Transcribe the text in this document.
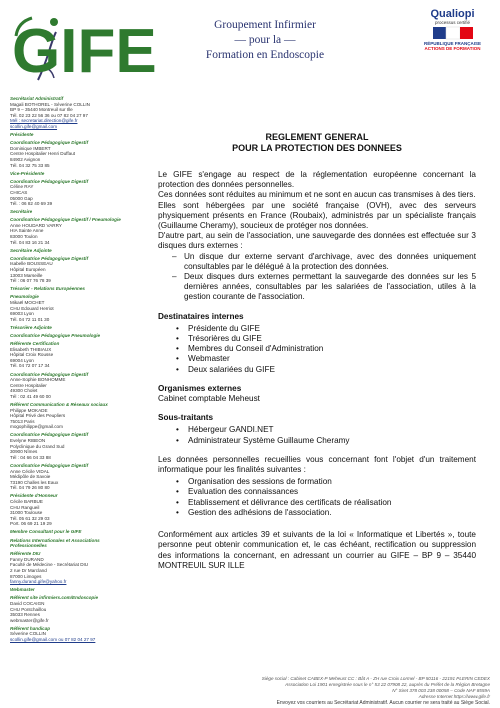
GIFE	Groupement Infirmier
— pour la —
Formation en Endoscopie
Qualiopi
processus certifié
RÉPUBLIQUE FRANÇAISE
ACTIONS DE FORMATION
Secrétariat Administratif
Magali BOTHOREL - Séverine COLLIN
BP 9 – 35440 Montreuil sur Ille
Tél. 02 23 22 56 36 ou 07 82 04 27 97
Mél : secretariat.direction@gife.fr
scollin.gife@gmail.com
Présidente
Coordinatrice Pédagogique Digestif
Dominique IMBERT
Centre Hospitalier Henri Duffaut
84902 Avignon
Tél. 04 32 75 33 85
Vice-Présidente
Coordinatrice Pédagogique Digestif
Céline RAY
CHICAS
05000 Gap
Tél. : 06 82 40 69 39
Secrétaire
Coordinatrice Pédagogique Digestif / Pneumologie
Anne HOUDARD VARRY
HIA Sainte Anne
83000 Toulon
Tél. 04 83 16 21 34
Secrétaire Adjointe
Coordinatrice Pédagogique Digestif
Isabelle BOUSSEAU
Hôpital Européen
13003 Marseille
Tél : 06 07 76 78 39
Trésorier - Relations Européennes
Pneumologie
Mikaël MOCHET
CHU Edouard Herriot
69003 Lyon
Tél. 04 72 11 01 30
Trésorière Adjointe
Coordinatrice Pédagogique Pneumologie
Référente Certification
Elisabeth THIBIAUX
Hôpital Croix Rousse
69004 Lyon
Tél. 04 72 07 17 34
Coordinatrice Pédagogique Digestif
Anne-Sophie BONHOMME
Centre Hospitalier
49300 Cholet
Tél : 02 41 49 60 00
Référent Communication & Réseaux sociaux
Philippe MOKADE
Hôpital Privé des Peupliers
75013 Paris
mogophilippe@gmail.com
Coordinatrice Pédagogique Digestif
Evelyne RIBEON
Polyclinique du Grand Sud
30900 Nîmes
Tél : 04 66 04 33 88
Coordinatrice Pédagogique Digestif
Anne Cécile VIDAL
Médipôle de Savoie
73190 Challes les Eaux
Tél. 04 79 26 80 80
Présidente d'Honneur
Cécile BARBUE
CHU Rangueil
31000 Toulouse
Tél. 05 61 32 29 03
Port. 06 69 21 19 29
Membre Consultant pour le GIFE
Relations Internationales et Associations Professionnelles
Référente DIU
Fanny DURAND
Faculté de Médecine - Secrétariat DIU
2 rue Dr Marcland
87000 Limoges
fanny.durand.gife@yahoo.fr
Webmaster
Référent site infirmiers.com/Endoscopie
David COCAIGN
CHU Pontchaillou
35033 Rennes
webmaster@gife.fr
Référent handicap
Séverine COLLIN
scollin.gife@gmail.com ou 07 82 04 27 97
REGLEMENT GENERAL
POUR LA PROTECTION DES DONNEES

Le GIFE s'engage au respect de la réglementation européenne concernant la protection des données personnelles.

Ces données sont réduites au minimum et ne sont en aucun cas transmises à des tiers.

Elles sont hébergées par une société française (OVH), avec des serveurs physiquement présents en France (Roubaix), administrés par un spécialiste français (Guillaume Cheramy), soucieux de protéger nos données.

D'autre part, au sein de l'association, une sauvegarde des données est effectuée sur 3 disques durs externes :

– Un disque dur externe servant d'archivage, avec des données uniquement consultables par le délégué à la protection des données.
– Deux disques durs externes permettant la sauvegarde des données sur les 5 dernières années, consultables par les salariées de l'association, utiles à la gestion courante de l'association.
Destinataires internes
• Présidente du GIFE
• Trésorières du GIFE
• Membres du Conseil d'Administration
• Webmaster
• Deux salariées du GIFE
Organismes externes
Cabinet comptable Meheust
Sous-traitants
• Hébergeur GANDI.NET
• Administrateur Système Guillaume Cheramy

Les données personnelles recueillies vous concernant font l'objet d'un traitement informatique pour les finalités suivantes :

• Organisation des sessions de formation
• Evaluation des connaissances
• Etablissement et délivrance des certificats de réalisation
• Gestion des adhésions de l'association.

Conformément aux articles 39 et suivants de la loi « Informatique et Libertés », toute personne peut obtenir communication et, le cas échéant, rectification ou suppression des informations la concernant, en adressant un courrier au GIFE – BP 9 – 35440 MONTREUIL SUR ILLE

Siège social : Cabinet CABEX-P Meheust CC : Bât A - ZH rue Croix Lormel - BP 50116 - 22191 PLERIN CEDEX
Association Loi 1901 enregistrée sous le n° 53 22 07908 22, auprès du Préfet de la Région Bretagne
N° Siret 378 003 238 00058 – Code NAF 8559A
Adresse Internet https://www.gife.fr
Envoyez vos courriers au Secrétariat Administratif. Aucun courrier ne sera traité au Siège Social.
